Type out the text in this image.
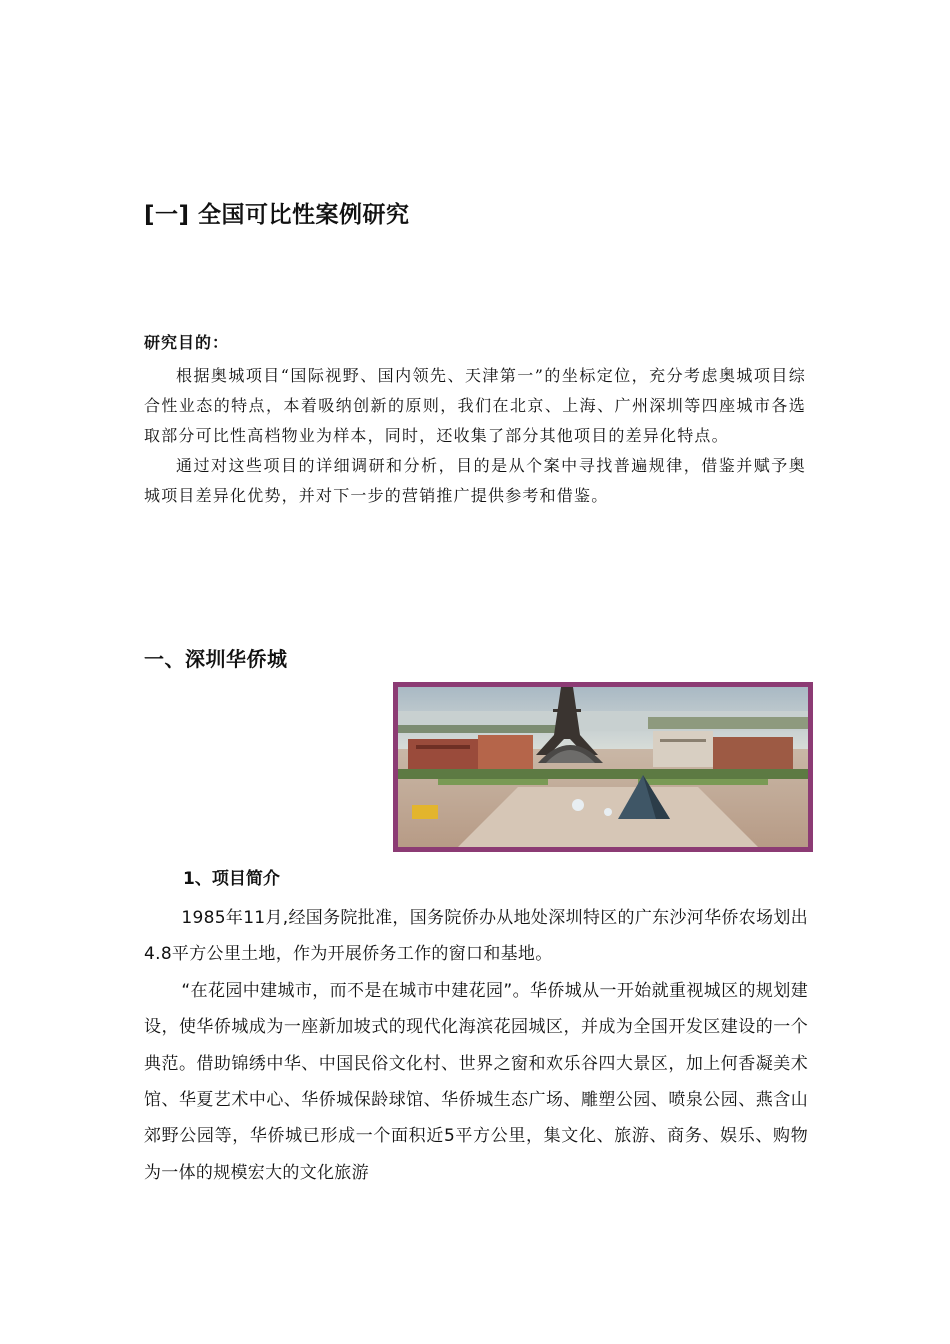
[一] 全国可比性案例研究
研究目的：

根据奥城项目“国际视野、国内领先、天津第一”的坐标定位，充分考虑奥城项目综合性业态的特点，本着吸纳创新的原则，我们在北京、上海、广州深圳等四座城市各选取部分可比性高档物业为样本，同时，还收集了部分其他项目的差异化特点。

通过对这些项目的详细调研和分析，目的是从个案中寻找普遍规律，借鉴并赋予奥城项目差异化优势，并对下一步的营销推广提供参考和借鉴。

一、深圳华侨城
1、项目简介

1985年11月,经国务院批准，国务院侨办从地处深圳特区的广东沙河华侨农场划出4.8平方公里土地，作为开展侨务工作的窗口和基地。

“在花园中建城市，而不是在城市中建花园”。华侨城从一开始就重视城区的规划建设，使华侨城成为一座新加坡式的现代化海滨花园城区，并成为全国开发区建设的一个典范。借助锦绣中华、中国民俗文化村、世界之窗和欢乐谷四大景区，加上何香凝美术馆、华夏艺术中心、华侨城保龄球馆、华侨城生态广场、雕塑公园、喷泉公园、燕含山郊野公园等，华侨城已形成一个面积近5平方公里，集文化、旅游、商务、娱乐、购物为一体的规模宏大的文化旅游
